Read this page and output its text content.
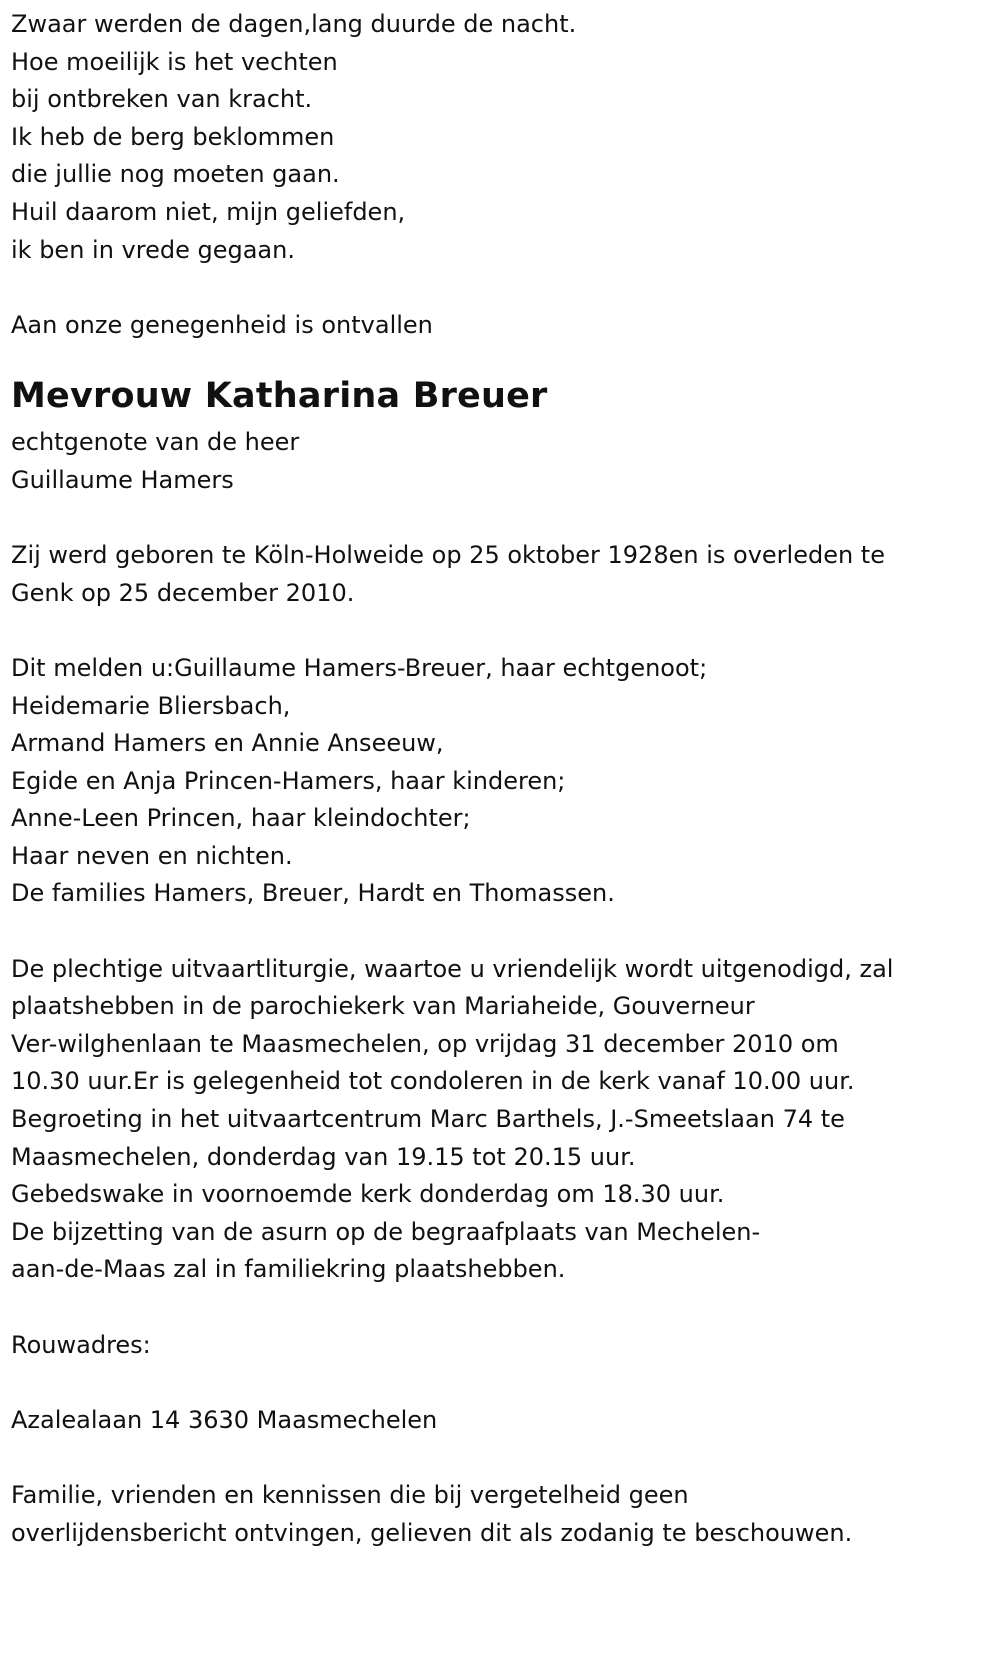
Zwaar werden de dagen,lang duurde de nacht.

Hoe moeilijk is het vechten

bij ontbreken van kracht.

Ik heb de berg beklommen

die jullie nog moeten gaan.

Huil daarom niet, mijn geliefden,

ik ben in vrede gegaan.

Aan onze genegenheid is ontvallen

Mevrouw Katharina Breuer

echtgenote van de heer

Guillaume Hamers

Zij werd geboren te Köln-Holweide op 25 oktober 1928en is overleden te

Genk op 25 december 2010.

Dit melden u:Guillaume Hamers-Breuer, haar echtgenoot;

Heidemarie Bliersbach,

Armand Hamers en Annie Anseeuw,

Egide en Anja Princen-Hamers, haar kinderen;

Anne-Leen Princen, haar kleindochter;

Haar neven en nichten.

De families Hamers, Breuer, Hardt en Thomassen.

De plechtige uitvaartliturgie, waartoe u vriendelijk wordt uitgenodigd, zal

plaatshebben in de parochiekerk van Mariaheide, Gouverneur

Ver-wilghenlaan te Maasmechelen, op vrijdag 31 december 2010 om

10.30 uur.Er is gelegenheid tot condoleren in de kerk vanaf 10.00 uur.

Begroeting in het uitvaartcentrum Marc Barthels, J.-Smeetslaan 74 te

Maasmechelen, donderdag van 19.15 tot 20.15 uur.

Gebedswake in voornoemde kerk donderdag om 18.30 uur.

De bijzetting van de asurn op de begraafplaats van Mechelen-

aan-de-Maas zal in familiekring plaatshebben.

Rouwadres:

Azalealaan 14 3630 Maasmechelen

Familie, vrienden en kennissen die bij vergetelheid geen

overlijdensbericht ontvingen, gelieven dit als zodanig te beschouwen.
